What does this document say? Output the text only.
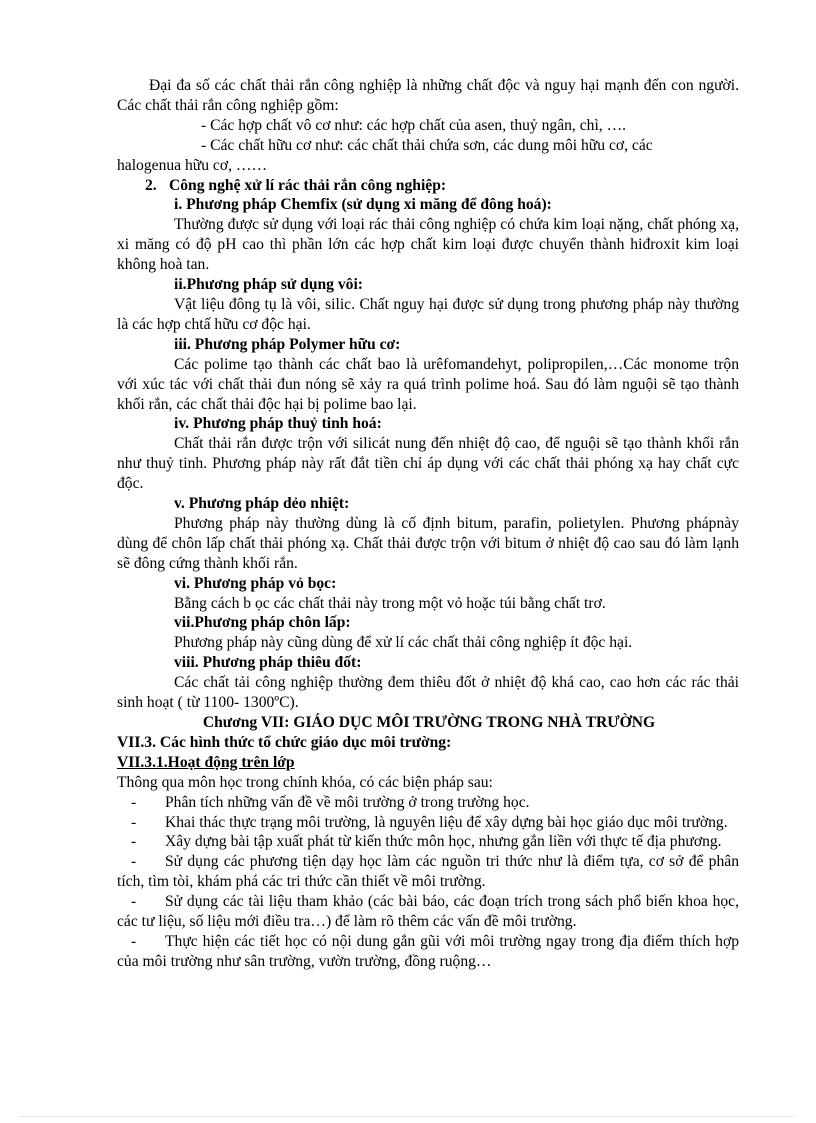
Đại đa số các chất thải rắn công nghiệp là những chất độc và nguy hại mạnh đến con người. Các chất thải rắn công nghiệp gồm:

- Các hợp chất vô cơ như: các hợp chất của asen, thuỷ ngân, chì, ….

- Các chất hữu cơ như: các chất thải chứa sơn, các dung môi hữu cơ, các

halogenua hữu cơ, ……

2. Công nghệ xử lí rác thải rắn công nghiệp:

i. Phương pháp Chemfix (sử dụng xi măng để đông hoá):

Thường được sử dụng với loại rác thải công nghiệp có chứa kim loại nặng, chất phóng xạ, xi măng có độ pH cao thì phần lớn các hợp chất kim loại được chuyển thành hiđroxit kim loại không hoà tan.

ii.Phương pháp sử dụng vôi:

Vật liệu đông tụ là vôi, silic. Chất nguy hại được sử dụng trong phương pháp này thường là các hợp chtấ hữu cơ độc hại.

iii. Phương pháp Polymer hữu cơ:

Các polime tạo thành các chất bao là urêfomandehyt, polipropilen,…Các monome trộn với xúc tác với chất thải đun nóng sẽ xảy ra quá trình polime hoá. Sau đó làm nguội sẽ tạo thành khối rắn, các chất thải độc hại bị polime bao lại.

iv. Phương pháp thuỷ tinh hoá:

Chất thải rắn được trộn với silicát nung đến nhiệt độ cao, để nguội sẽ tạo thành khối rắn như thuỷ tinh. Phương pháp này rất đắt tiền chỉ áp dụng với các chất thải phóng xạ hay chất cực độc.

v. Phương pháp dẻo nhiệt:

Phương pháp này thường dùng là cố định bitum, parafin, polietylen. Phương phápnày dùng để chôn lấp chất thải phóng xạ. Chất thải được trộn với bitum ở nhiệt độ cao sau đó làm lạnh sẽ đông cứng thành khối rắn.

vi. Phương pháp vỏ bọc:

Bằng cách b ọc các chất thải này trong một vỏ hoặc túi bằng chất trơ.

vii.Phương pháp chôn lấp:

Phương pháp này cũng dùng để xử lí các chất thải công nghiệp ít độc hại.

viii. Phương pháp thiêu đốt:

Các chất tải công nghiệp thường đem thiêu đốt ở nhiệt độ khá cao, cao hơn các rác thải sinh hoạt ( từ 1100- 1300ºC).

Chương VII: GIÁO DỤC MÔI TRƯỜNG TRONG NHÀ TRƯỜNG

VII.3. Các hình thức tổ chức giáo dục môi trường:

VII.3.1.Hoạt động trên lớp

Thông qua môn học trong chính khóa, có các biện pháp sau:

- Phân tích những vấn đề về môi trường ở trong trường học.

- Khai thác thực trạng môi trường, là nguyên liệu để xây dựng bài học giáo dục môi trường.

- Xây dựng bài tập xuất phát từ kiến thức môn học, nhưng gắn liền với thực tế địa phương.

- Sử dụng các phương tiện dạy học làm các nguồn tri thức như là điểm tựa, cơ sở để phân tích, tìm tòi, khám phá các tri thức cần thiết về môi trường.

- Sử dụng các tài liệu tham khảo (các bài báo, các đoạn trích trong sách phổ biến khoa học, các tư liệu, số liệu mới điều tra…) để làm rõ thêm các vấn đề môi trường.

- Thực hiện các tiết học có nội dung gắn gũi với môi trường ngay trong địa điểm thích hợp của môi trường như sân trường, vườn trường, đồng ruộng…
